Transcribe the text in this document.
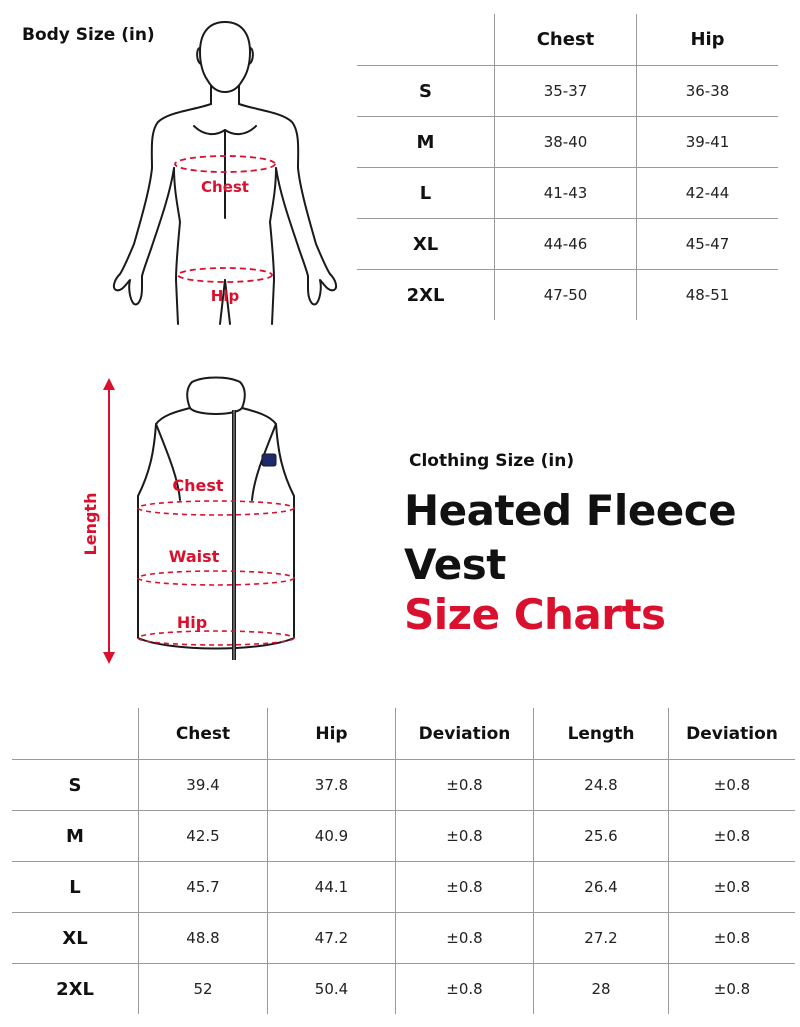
Body Size (in)
Chest
Hip
	Chest	Hip
S	35-37	36-38
M	38-40	39-41
L	41-43	42-44
XL	44-46	45-47
2XL	47-50	48-51
Length
Chest
Waist
Hip
Clothing Size (in)
Heated Fleece
Vest
Size Charts
	Chest	Hip	Deviation	Length	Deviation
S	39.4	37.8	±0.8	24.8	±0.8
M	42.5	40.9	±0.8	25.6	±0.8
L	45.7	44.1	±0.8	26.4	±0.8
XL	48.8	47.2	±0.8	27.2	±0.8
2XL	52	50.4	±0.8	28	±0.8
